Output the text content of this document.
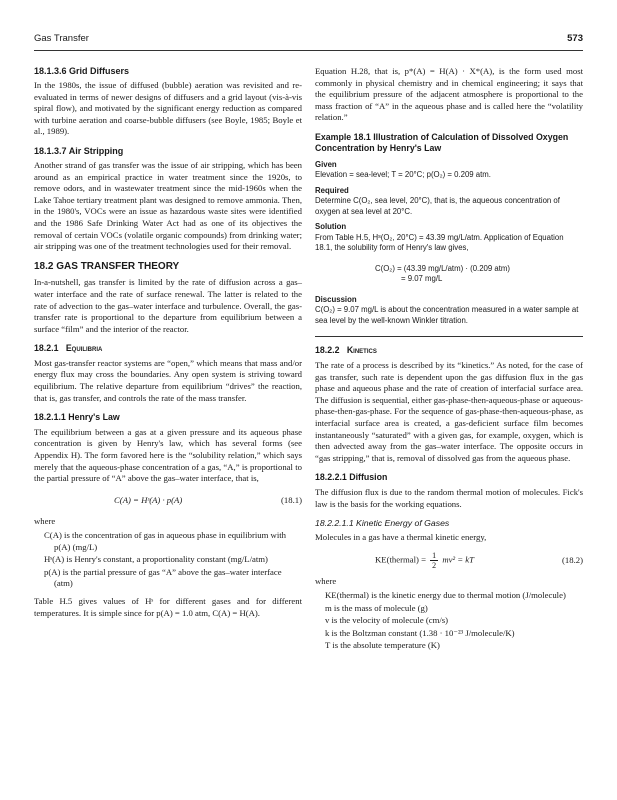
Gas Transfer	573
18.1.3.6 Grid Diffusers

In the 1980s, the issue of diffused (bubble) aeration was revisited and re-evaluated in terms of newer designs of diffusers and a grid layout (vis-à-vis spiral flow), and motivated by the significant energy reduction as compared with turbine aeration and coarse-bubble diffusers (see Boyle, 1985; Boyle et al., 1989).

18.1.3.7 Air Stripping

Another strand of gas transfer was the issue of air stripping, which has been around as an empirical practice in water treatment since the 1920s, to remove odors, and in wastewater treatment since the mid-1960s when the Lake Tahoe tertiary treatment plant was designed to remove ammonia. Then, in the 1980's, VOCs were an issue as hazardous waste sites were identified and the 1986 Safe Drinking Water Act had as one of its objectives the removal of certain VOCs (volatile organic compounds) from drinking water; air stripping was one of the treatment technologies used for their removal.

18.2 GAS TRANSFER THEORY

In-a-nutshell, gas transfer is limited by the rate of diffusion across a gas–water interface and the rate of surface renewal. The latter is related to the rate of advection to the gas–water interface and turbulence. Overall, the gas-transfer rate is proportional to the departure from equilibrium between a surface “film” and the interior of the reactor.

18.2.1 Equilibria

Most gas-transfer reactor systems are “open,” which means that mass and/or energy flux may cross the boundaries. Any open system is striving toward equilibrium. The relative departure from equilibrium “drives” the reaction, that is, gas transfer, and controls the rate of the mass transfer.

18.2.1.1 Henry's Law

The equilibrium between a gas at a given pressure and its aqueous phase concentration is given by Henry's law, which has several forms (see Appendix H). The form favored here is the “solubility relation,” which says merely that the aqueous-phase concentration of a gas, “A,” is proportional to the partial pressure of “A” above the gas–water interface, that is,

C(A) = Hˢ(A) · p(A)	(18.1)
where
C(A) is the concentration of gas in aqueous phase in equilibrium with p(A) (mg/L)
Hˢ(A) is Henry's constant, a proportionality constant (mg/L/atm)
p(A) is the partial pressure of gas “A” above the gas–water interface (atm)

Table H.5 gives values of Hˢ for different gases and for different temperatures. It is simple since for p(A) = 1.0 atm, C(A) = H(A).

Equation H.28, that is, p*(A) = H(A) · X*(A), is the form used most commonly in physical chemistry and in chemical engineering; it says that the equilibrium pressure of the adjacent atmosphere is proportional to the mass fraction of “A” in the aqueous phase and is called here the “volatility relation.”

Example 18.1 Illustration of Calculation of Dissolved Oxygen Concentration by Henry's Law
Given
Elevation = sea-level; T = 20°C; p(O₂) = 0.209 atm.
Required
Determine C(O₂, sea level, 20°C), that is, the aqueous concentration of oxygen at sea level at 20°C.
Solution
From Table H.5, Hˢ(O₂, 20°C) = 43.39 mg/L/atm. Application of Equation 18.1, the solubility form of Henry's law gives,
C(O₂) = (43.39 mg/L/atm) · (0.209 atm)
= 9.07 mg/L
Discussion
C(O₂) = 9.07 mg/L is about the concentration measured in a water sample at sea level by the well-known Winkler titration.
18.2.2 Kinetics

The rate of a process is described by its “kinetics.” As noted, for the case of gas transfer, such rate is dependent upon the gas diffusion flux in the gas phase and aqueous phase and the rate of creation of interfacial surface area. The diffusion is sequential, either gas-phase-then-aqueous-phase or aqueous-phase-then-gas-phase. For the sequence of gas-phase-then-aqueous-phase, as interfacial surface area is created, a gas-deficient surface film becomes instantaneously “saturated” with a given gas, for example, oxygen, which is then advected away from the gas–water interface. The opposite occurs in “gas stripping,” that is, removal of dissolved gas from the aqueous phase.

18.2.2.1 Diffusion

The diffusion flux is due to the random thermal motion of molecules. Fick's law is the basis for the working equations.

18.2.2.1.1 Kinetic Energy of Gases

Molecules in a gas have a thermal kinetic energy,

KE(thermal) = $\frac{1}{2} mv^2$ = kT	(18.2)
where
KE(thermal) is the kinetic energy due to thermal motion (J/molecule)
m is the mass of molecule (g)
v is the velocity of molecule (cm/s)
k is the Boltzman constant (1.38 · 10⁻²³ J/molecule/K)
T is the absolute temperature (K)
